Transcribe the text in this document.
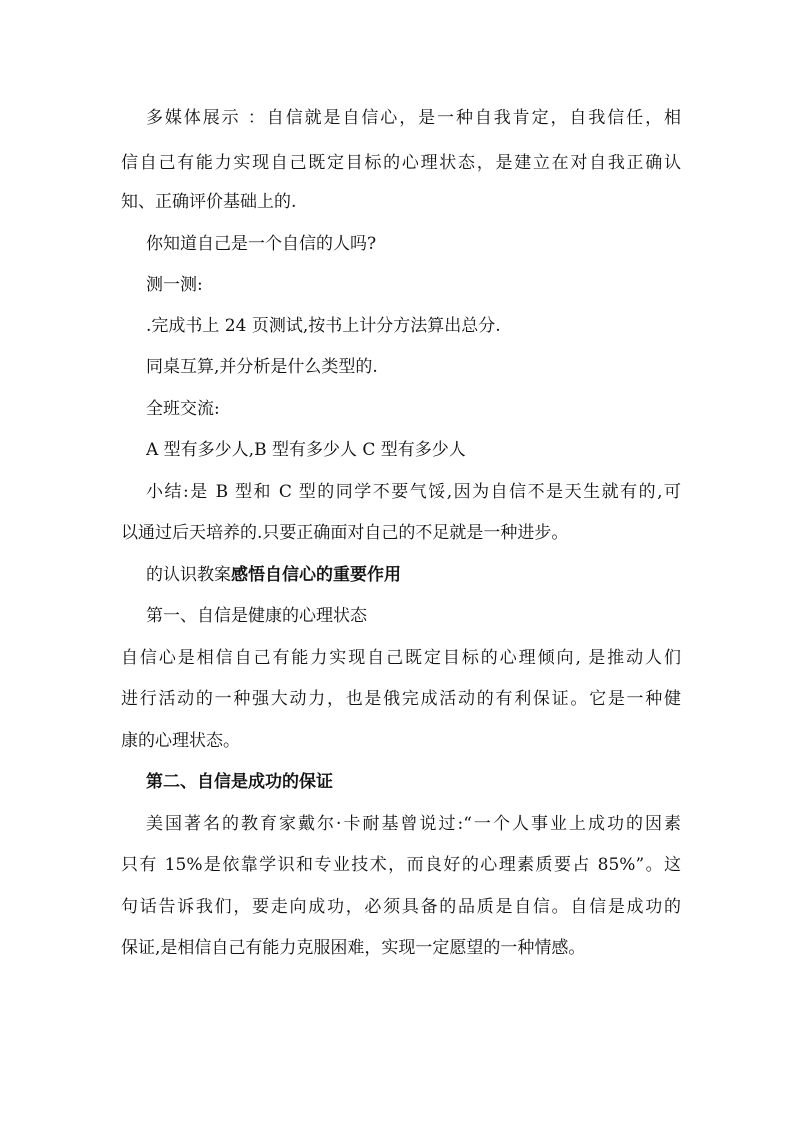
多媒体展示 ：自信就是自信心，是一种自我肯定，自我信任，相
信自己有能力实现自己既定目标的心理状态，是建立在对自我正确认
知、正确评价基础上的.
你知道自己是一个自信的人吗?
测一测:
.完成书上 24 页测试,按书上计分方法算出总分.
同桌互算,并分析是什么类型的.
全班交流:
A 型有多少人,B 型有多少人 C 型有多少人
小结:是 B 型和 C 型的同学不要气馁,因为自信不是天生就有的,可
以通过后天培养的.只要正确面对自己的不足就是一种进步。
的认识教案感悟自信心的重要作用
第一、自信是健康的心理状态
自信心是相信自己有能力实现自己既定目标的心理倾向, 是推动人们
进行活动的一种强大动力，也是俄完成活动的有利保证。它是一种健
康的心理状态。
第二、自信是成功的保证
美国著名的教育家戴尔·卡耐基曾说过:“一个人事业上成功的因素
只有 15%是依靠学识和专业技术，而良好的心理素质要占 85%”。这
句话告诉我们，要走向成功，必须具备的品质是自信。自信是成功的
保证,是相信自己有能力克服困难，实现一定愿望的一种情感。
